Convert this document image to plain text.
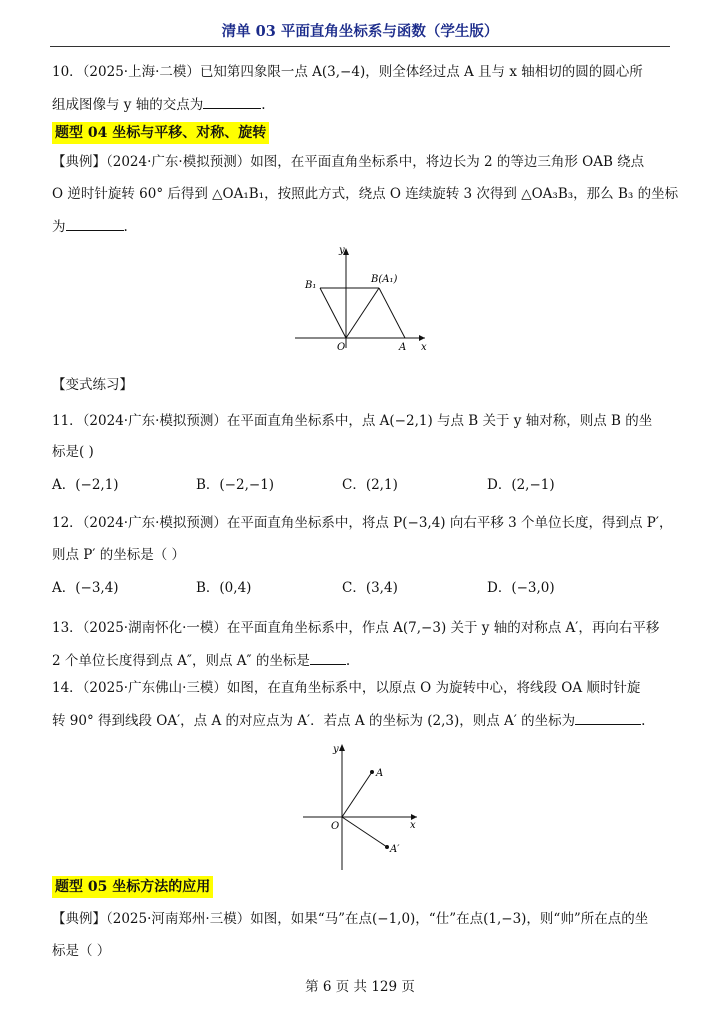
清单 03 平面直角坐标系与函数（学生版）
10．（2025·上海·二模）已知第四象限一点 A(3,−4)，则全体经过点 A 且与 x 轴相切的圆的圆心所
组成图像与 y 轴的交点为	.
题型 04 坐标与平移、对称、旋转
【典例】（2024·广东·模拟预测）如图，在平面直角坐标系中，将边长为 2 的等边三角形 OAB 绕点
O 逆时针旋转 60° 后得到 △OA₁B₁，按照此方式，绕点 O 连续旋转 3 次得到 △OA₃B₃，那么 B₃ 的坐标
为	.
y
x
O	A
B₁
B(A₁)
【变式练习】
11．（2024·广东·模拟预测）在平面直角坐标系中，点 A(−2,1) 与点 B 关于 y 轴对称，则点 B 的坐
标是( )
A．(−2,1)	B．(−2,−1)	C．(2,1)	D．(2,−1)
12．（2024·广东·模拟预测）在平面直角坐标系中，将点 P(−3,4) 向右平移 3 个单位长度，得到点 P′，
则点 P′ 的坐标是（ ）
A．(−3,4)	B．(0,4)	C．(3,4)	D．(−3,0)
13．（2025·湖南怀化·一模）在平面直角坐标系中，作点 A(7,−3) 关于 y 轴的对称点 A′，再向右平移
2 个单位长度得到点 A″，则点 A″ 的坐标是	.
14．（2025·广东佛山·三模）如图，在直角坐标系中，以原点 O 为旋转中心，将线段 OA 顺时针旋
转 90° 得到线段 OA′，点 A 的对应点为 A′．若点 A 的坐标为 (2,3)，则点 A′ 的坐标为	.
y
x
O
A
A′
题型 05 坐标方法的应用
【典例】（2025·河南郑州·三模）如图，如果“马”在点(−1,0)，“仕”在点(1,−3)，则“帅”所在点的坐
标是（ ）
第 6 页 共 129 页
